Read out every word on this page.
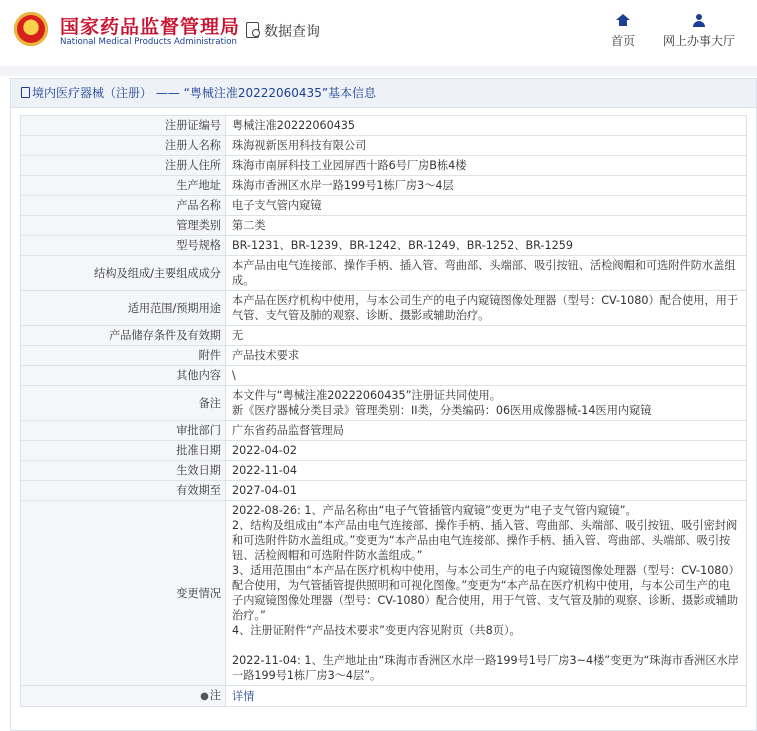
★	国家药品监督管理局
National Medical Products Administration
数据查询
首页	网上办事大厅
境内医疗器械（注册） —— “粤械注准20222060435”基本信息
注册证编号	粤械注准20222060435
注册人名称	珠海视新医用科技有限公司
注册人住所	珠海市南屏科技工业园屏西十路6号厂房B栋4楼
生产地址	珠海市香洲区水岸一路199号1栋厂房3～4层
产品名称	电子支气管内窥镜
管理类别	第二类
型号规格	BR-1231、BR-1239、BR-1242、BR-1249、BR-1252、BR-1259
结构及组成/主要组成成分	本产品由电气连接部、操作手柄、插入管、弯曲部、头端部、吸引按钮、活检阀帽和可选附件防水盖组成。
适用范围/预期用途	本产品在医疗机构中使用，与本公司生产的电子内窥镜图像处理器（型号：CV-1080）配合使用，用于气管、支气管及肺的观察、诊断、摄影或辅助治疗。
产品储存条件及有效期	无
附件	产品技术要求
其他内容	\
备注	本文件与“粤械注准20222060435”注册证共同使用。
新《医疗器械分类目录》管理类别：II类，分类编码：06医用成像器械-14医用内窥镜
审批部门	广东省药品监督管理局
批准日期	2022-04-02
生效日期	2022-11-04
有效期至	2027-04-01
变更情况	2022-08-26: 1、产品名称由“电子气管插管内窥镜”变更为“电子支气管内窥镜”。
2、结构及组成由“本产品由电气连接部、操作手柄、插入管、弯曲部、头端部、吸引按钮、吸引密封阀和可选附件防水盖组成。”变更为“本产品由电气连接部、操作手柄、插入管、弯曲部、头端部、吸引按钮、活检阀帽和可选附件防水盖组成。”
3、适用范围由“本产品在医疗机构中使用，与本公司生产的电子内窥镜图像处理器（型号：CV-1080）配合使用，为气管插管提供照明和可视化图像。”变更为“本产品在医疗机构中使用，与本公司生产的电子内窥镜图像处理器（型号：CV-1080）配合使用，用于气管、支气管及肺的观察、诊断、摄影或辅助治疗。”
4、注册证附件“产品技术要求”变更内容见附页（共8页）。

2022-11-04: 1、生产地址由“珠海市香洲区水岸一路199号1号厂房3~4楼”变更为“珠海市香洲区水岸一路199号1栋厂房3～4层”。
●注	详情
